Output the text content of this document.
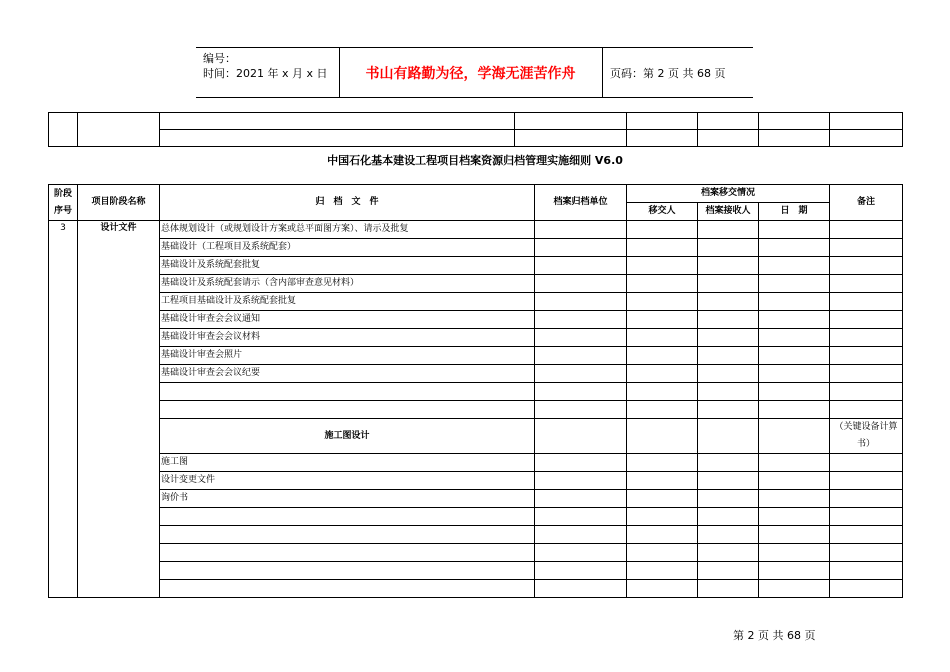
编号：
时间：2021 年 x 月 x 日	书山有路勤为径，学海无涯苦作舟	页码：第 2 页 共 68 页

中国石化基本建设工程项目档案资源归档管理实施细则 V6.0
阶段序号	项目阶段名称	归　档　文　件	档案归档单位	档案移交情况			备注
				移交人	档案接收人	日　期	
3	设计文件	总体规划设计（或规划设计方案或总平面图方案）、请示及批复					
		基础设计（工程项目及系统配套）					
		基础设计及系统配套批复					
		基础设计及系统配套请示（含内部审查意见材料）					
		工程项目基础设计及系统配套批复					
		基础设计审查会会议通知					
		基础设计审查会会议材料					
		基础设计审查会照片					
		基础设计审查会会议纪要					

		施工图设计					（关键设备计算书）
		施工图					
		设计变更文件					
		询价书					

第 2 页 共 68 页
